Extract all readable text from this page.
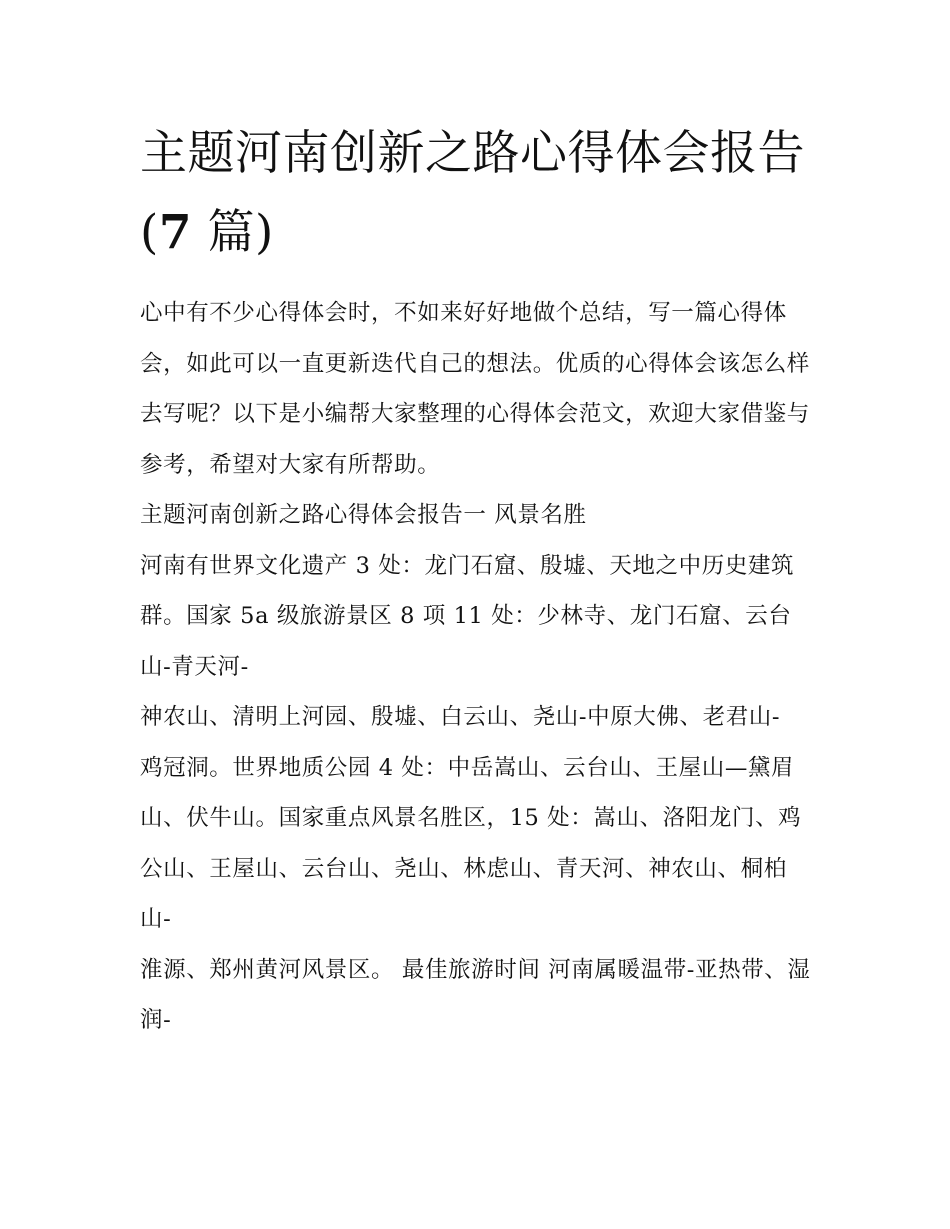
主题河南创新之路心得体会报告(7 篇)

心中有不少心得体会时，不如来好好地做个总结，写一篇心得体会，如此可以一直更新迭代自己的想法。优质的心得体会该怎么样去写呢？以下是小编帮大家整理的心得体会范文，欢迎大家借鉴与参考，希望对大家有所帮助。

主题河南创新之路心得体会报告一 风景名胜

河南有世界文化遗产 3 处：龙门石窟、殷墟、天地之中历史建筑群。国家 5a 级旅游景区 8 项 11 处：少林寺、龙门石窟、云台山-青天河-

神农山、清明上河园、殷墟、白云山、尧山-中原大佛、老君山-

鸡冠洞。世界地质公园 4 处：中岳嵩山、云台山、王屋山—黛眉山、伏牛山。国家重点风景名胜区，15 处：嵩山、洛阳龙门、鸡公山、王屋山、云台山、尧山、林虑山、青天河、神农山、桐柏山-

淮源、郑州黄河风景区。 最佳旅游时间 河南属暖温带-亚热带、湿润-
